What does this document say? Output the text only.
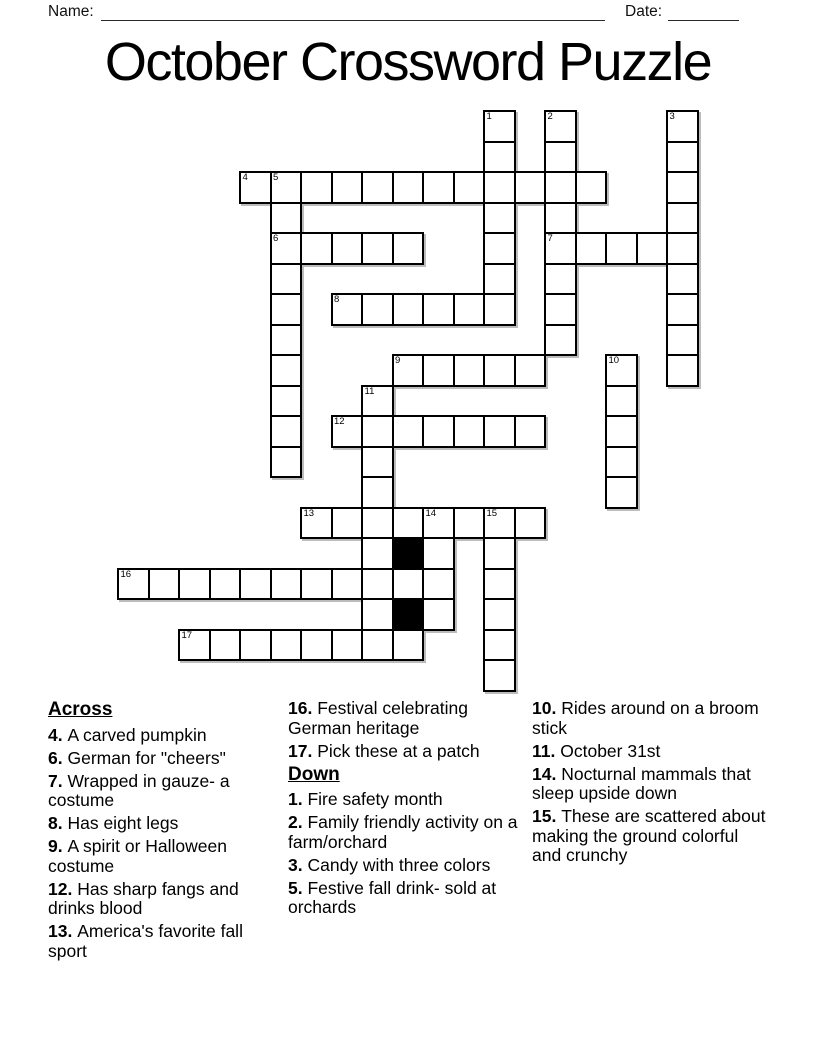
Name:	Date:
October Crossword Puzzle
1	2	3
4	5
6	7
8
9	10
11
12
13	14	15
16
17
Across
4. A carved pumpkin
6. German for "cheers"
7. Wrapped in gauze- a costume
8. Has eight legs
9. A spirit or Halloween costume
12. Has sharp fangs and drinks blood
13. America's favorite fall sport
16. Festival celebrating German heritage
17. Pick these at a patch
Down
1. Fire safety month
2. Family friendly activity on a farm/orchard
3. Candy with three colors
5. Festive fall drink- sold at orchards
10. Rides around on a broom stick
11. October 31st
14. Nocturnal mammals that sleep upside down
15. These are scattered about making the ground colorful and crunchy
